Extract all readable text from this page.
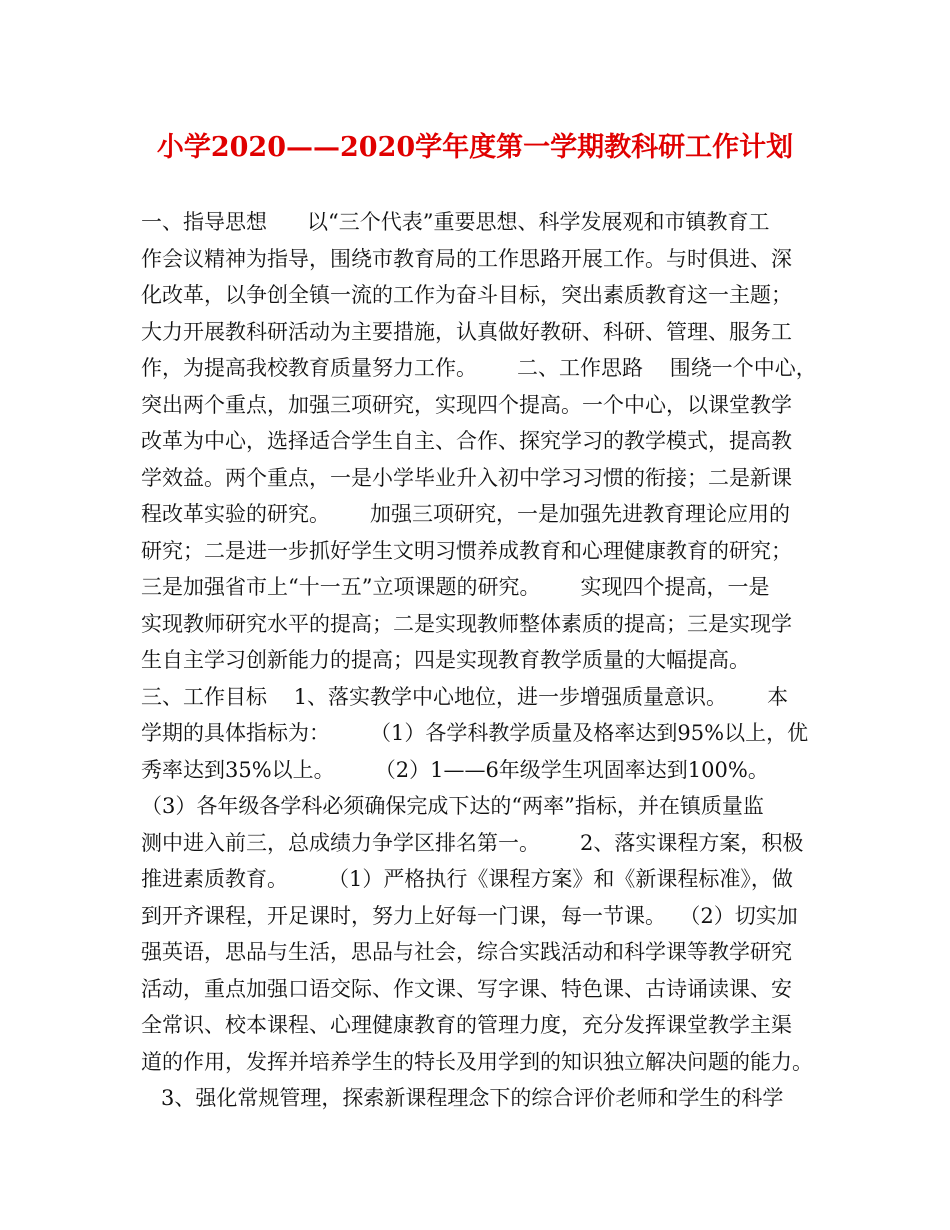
小学2020——2020学年度第一学期教科研工作计划
一、指导思想      以“三个代表”重要思想、科学发展观和市镇教育工
作会议精神为指导，围绕市教育局的工作思路开展工作。与时俱进、深
化改革，以争创全镇一流的工作为奋斗目标，突出素质教育这一主题；
大力开展教科研活动为主要措施，认真做好教研、科研、管理、服务工
作，为提高我校教育质量努力工作。      二、工作思路    围绕一个中心，
突出两个重点，加强三项研究，实现四个提高。一个中心，以课堂教学
改革为中心，选择适合学生自主、合作、探究学习的教学模式，提高教
学效益。两个重点，一是小学毕业升入初中学习习惯的衔接；二是新课
程改革实验的研究。      加强三项研究，一是加强先进教育理论应用的
研究；二是进一步抓好学生文明习惯养成教育和心理健康教育的研究；
三是加强省市上“十一五”立项课题的研究。      实现四个提高，一是
实现教师研究水平的提高；二是实现教师整体素质的提高；三是实现学
生自主学习创新能力的提高；四是实现教育教学质量的大幅提高。
三、工作目标    1、落实教学中心地位，进一步增强质量意识。      本
学期的具体指标为：      （1）各学科教学质量及格率达到95%以上，优
秀率达到35%以上。      （2）1——6年级学生巩固率达到100%。
（3）各年级各学科必须确保完成下达的“两率”指标，并在镇质量监
测中进入前三，总成绩力争学区排名第一。      2、落实课程方案，积极
推进素质教育。      （1）严格执行《课程方案》和《新课程标准》，做
到开齐课程，开足课时，努力上好每一门课，每一节课。  （2）切实加
强英语，思品与生活，思品与社会，综合实践活动和科学课等教学研究
活动，重点加强口语交际、作文课、写字课、特色课、古诗诵读课、安
全常识、校本课程、心理健康教育的管理力度，充分发挥课堂教学主渠
道的作用，发挥并培养学生的特长及用学到的知识独立解决问题的能力。
3、强化常规管理，探索新课程理念下的综合评价老师和学生的科学
